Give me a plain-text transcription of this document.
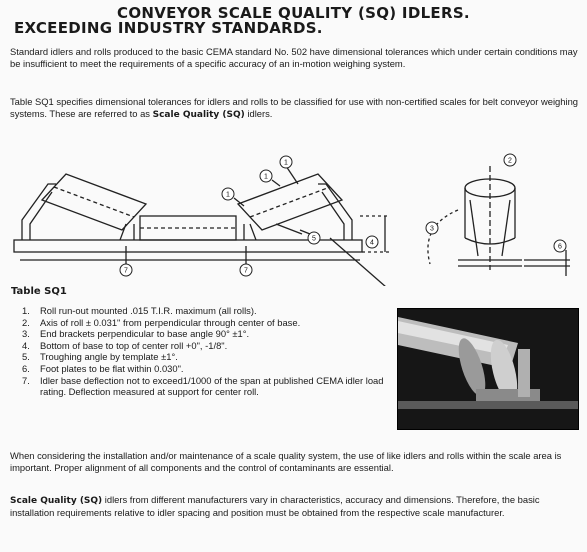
CONVEYOR SCALE QUALITY (SQ) IDLERS.
EXCEEDING INDUSTRY STANDARDS.

Standard idlers and rolls produced to the basic CEMA standard No. 502 have dimensional tolerances which under certain conditions may be insufficient to meet the requirements of a specific accuracy of an in-motion weighing system.

Table SQ1 specifies dimensional tolerances for idlers and rolls to be classified for use with non-certified scales for belt conveyor weighing systems. These are referred to as Scale Quality (SQ) idlers.

1
1
1
2
3
4
5
6
7	7
Table SQ1
1.	Roll run-out mounted .015 T.I.R. maximum (all rolls).
2.	Axis of roll ± 0.031" from perpendicular through center of base.
3.	End brackets perpendicular to base angle 90° ±1°.
4.	Bottom of base to top of center roll +0", -1/8".
5.	Troughing angle by template ±1°.
6.	Foot plates to be flat within 0.030".
7.	Idler base deflection not to exceed1/1000 of the span at published CEMA idler load rating. Deflection measured at support for center roll.

When considering the installation and/or maintenance of a scale quality system, the use of like idlers and rolls within the scale area is important. Proper alignment of all components and the control of contaminants are essential.

Scale Quality (SQ) idlers from different manufacturers vary in characteristics, accuracy and dimensions. Therefore, the basic installation requirements relative to idler spacing and position must be obtained from the respective scale manufacturer.
